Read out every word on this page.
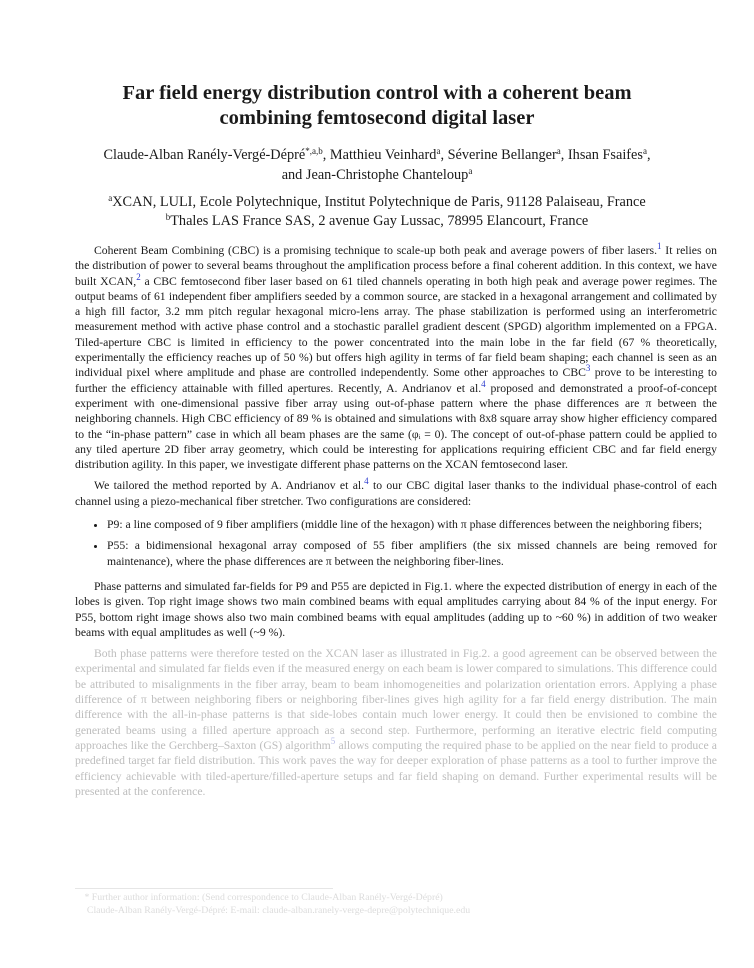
Far field energy distribution control with a coherent beam
combining femtosecond digital laser
Claude-Alban Ranély-Vergé-Dépré$^{*,a,b}$, Matthieu Veinhard$^a$, Séverine Bellanger$^a$, Ihsan Fsaifes$^a$,
and Jean-Christophe Chanteloup$^a$
$^a$XCAN, LULI, Ecole Polytechnique, Institut Polytechnique de Paris, 91128 Palaiseau, France
$^b$Thales LAS France SAS, 2 avenue Gay Lussac, 78995 Elancourt, France

Coherent Beam Combining (CBC) is a promising technique to scale-up both peak and average powers of fiber lasers.$^1$ It relies on the distribution of power to several beams throughout the amplification process before a final coherent addition. In this context, we have built XCAN,$^2$ a CBC femtosecond fiber laser based on 61 tiled channels operating in both high peak and average power regimes. The output beams of 61 independent fiber amplifiers seeded by a common source, are stacked in a hexagonal arrangement and collimated by a high fill factor, 3.2 mm pitch regular hexagonal micro-lens array. The phase stabilization is performed using an interferometric measurement method with active phase control and a stochastic parallel gradient descent (SPGD) algorithm implemented on a FPGA. Tiled-aperture CBC is limited in efficiency to the power concentrated into the main lobe in the far field (67 % theoretically, experimentally the efficiency reaches up of 50 %) but offers high agility in terms of far field beam shaping; each channel is seen as an individual pixel where amplitude and phase are controlled independently. Some other approaches to CBC$^3$ prove to be interesting to further the efficiency attainable with filled apertures. Recently, A. Andrianov et al.$^4$ proposed and demonstrated a proof-of-concept experiment with one-dimensional passive fiber array using out-of-phase pattern where the phase differences are π between the neighboring channels. High CBC efficiency of 89 % is obtained and simulations with 8x8 square array show higher efficiency compared to the “in-phase pattern” case in which all beam phases are the same (φᵢ = 0). The concept of out-of-phase pattern could be applied to any tiled aperture 2D fiber array geometry, which could be interesting for applications requiring efficient CBC and far field energy distribution agility. In this paper, we investigate different phase patterns on the XCAN femtosecond laser.

We tailored the method reported by A. Andrianov et al.$^4$ to our CBC digital laser thanks to the individual phase-control of each channel using a piezo-mechanical fiber stretcher. Two configurations are considered:

• P9: a line composed of 9 fiber amplifiers (middle line of the hexagon) with π phase differences between the neighboring fibers;
• P55: a bidimensional hexagonal array composed of 55 fiber amplifiers (the six missed channels are being removed for maintenance), where the phase differences are π between the neighboring fiber-lines.

Phase patterns and simulated far-fields for P9 and P55 are depicted in Fig.1. where the expected distribution of energy in each of the lobes is given. Top right image shows two main combined beams with equal amplitudes carrying about 84 % of the input energy. For P55, bottom right image shows also two main combined beams with equal amplitudes (adding up to ~60 %) in addition of two weaker beams with equal amplitudes as well (~9 %).

Both phase patterns were therefore tested on the XCAN laser as illustrated in Fig.2. a good agreement can be observed between the experimental and simulated far fields even if the measured energy on each beam is lower compared to simulations. This difference could be attributed to misalignments in the fiber array, beam to beam inhomogeneities and polarization orientation errors. Applying a phase difference of π between neighboring fibers or neighboring fiber-lines gives high agility for a far field energy distribution. The main difference with the all-in-phase patterns is that side-lobes contain much lower energy. It could then be envisioned to combine the generated beams using a filled aperture approach as a second step. Furthermore, performing an iterative electric field computing approaches like the Gerchberg–Saxton (GS) algorithm$^5$ allows computing the required phase to be applied on the near field to produce a predefined target far field distribution. This work paves the way for deeper exploration of phase patterns as a tool to further improve the efficiency achievable with tiled-aperture/filled-aperture setups and far field shaping on demand. Further experimental results will be presented at the conference.

* Further author information: (Send correspondence to Claude-Alban Ranély-Vergé-Dépré)
Claude-Alban Ranély-Vergé-Dépré: E-mail: claude-alban.ranely-verge-depre@polytechnique.edu
